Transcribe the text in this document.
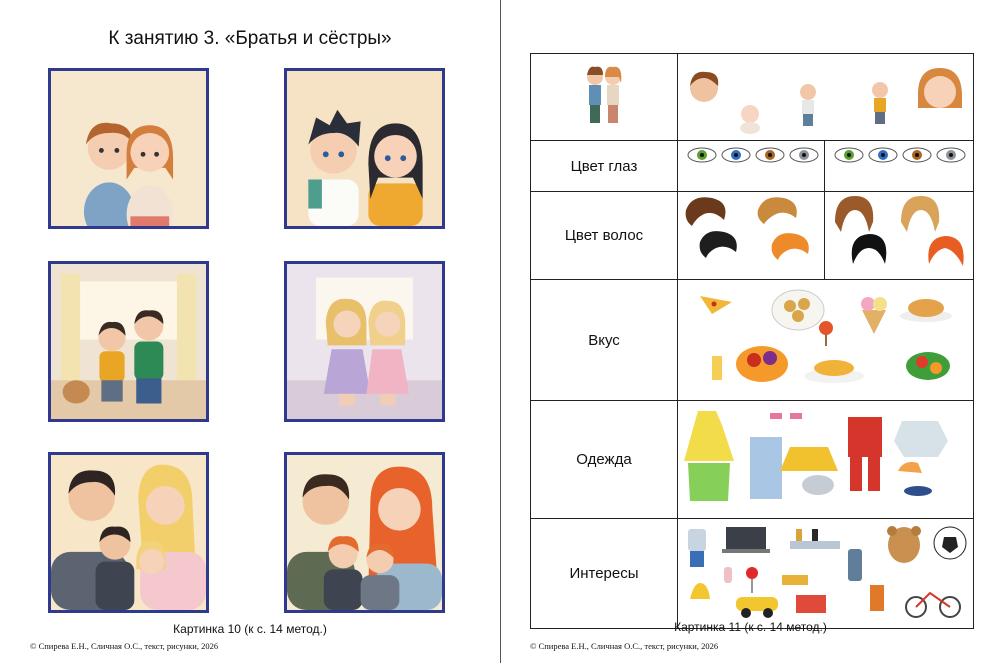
К занятию 3. «Братья и сёстры»
Картинка 10 (к с. 14 метод.)
© Спирева Е.Н., Сличная О.С., текст, рисунки, 2026

Цвет глаз		
Цвет волос		
Вкус	
Одежда	
Интересы	
Картинка 11 (к с. 14 метод.)
© Спирева Е.Н., Сличная О.С., текст, рисунки, 2026
